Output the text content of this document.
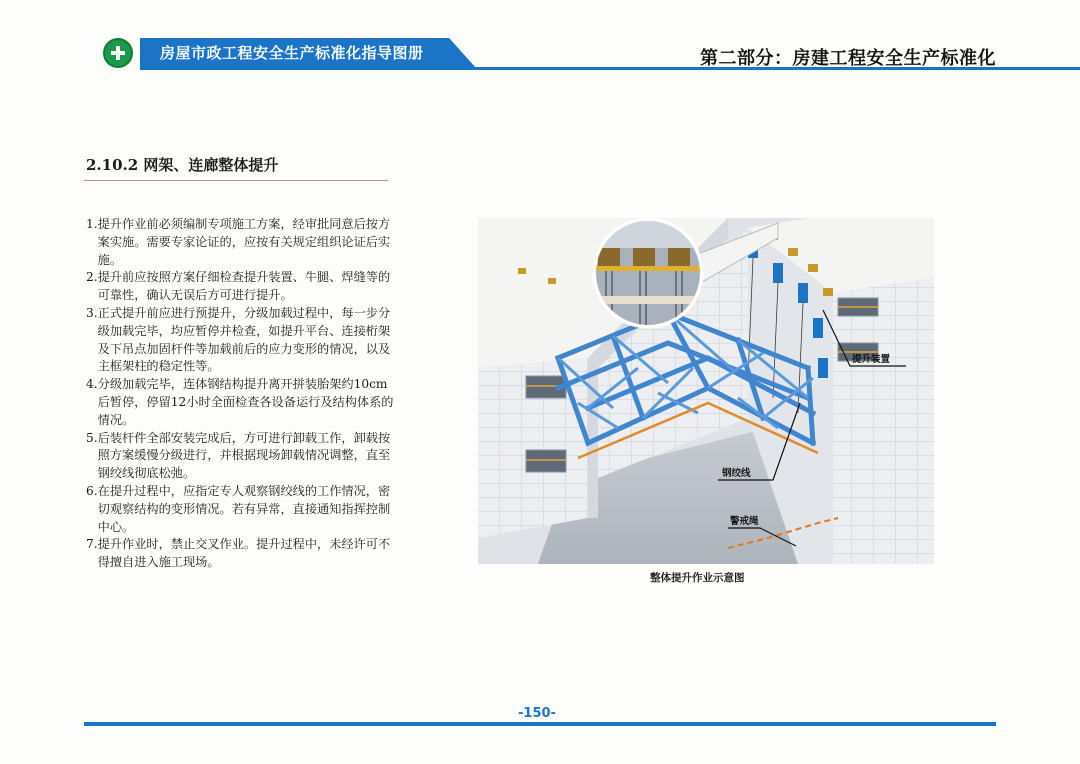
房屋市政工程安全生产标准化指导图册	第二部分：房建工程安全生产标准化
2.10.2 网架、连廊整体提升
1. 提升作业前必须编制专项施工方案，经审批同意后按方案实施。需要专家论证的，应按有关规定组织论证后实施。
2. 提升前应按照方案仔细检查提升装置、牛腿、焊缝等的可靠性，确认无误后方可进行提升。
3. 正式提升前应进行预提升，分级加载过程中，每一步分级加载完毕，均应暂停并检查，如提升平台、连接桁架及下吊点加固杆件等加载前后的应力变形的情况，以及主框架柱的稳定性等。
4. 分级加载完毕，连体钢结构提升离开拼装胎架约10cm后暂停，停留12小时全面检查各设备运行及结构体系的情况。
5. 后装杆件全部安装完成后，方可进行卸载工作，卸载按照方案缓慢分级进行，并根据现场卸载情况调整，直至钢绞线彻底松弛。
6. 在提升过程中，应指定专人观察钢绞线的工作情况，密切观察结构的变形情况。若有异常，直接通知指挥控制中心。
7. 提升作业时，禁止交叉作业。提升过程中，未经许可不得擅自进入施工现场。
提升装置
钢绞线
警戒绳
整体提升作业示意图
-150-
